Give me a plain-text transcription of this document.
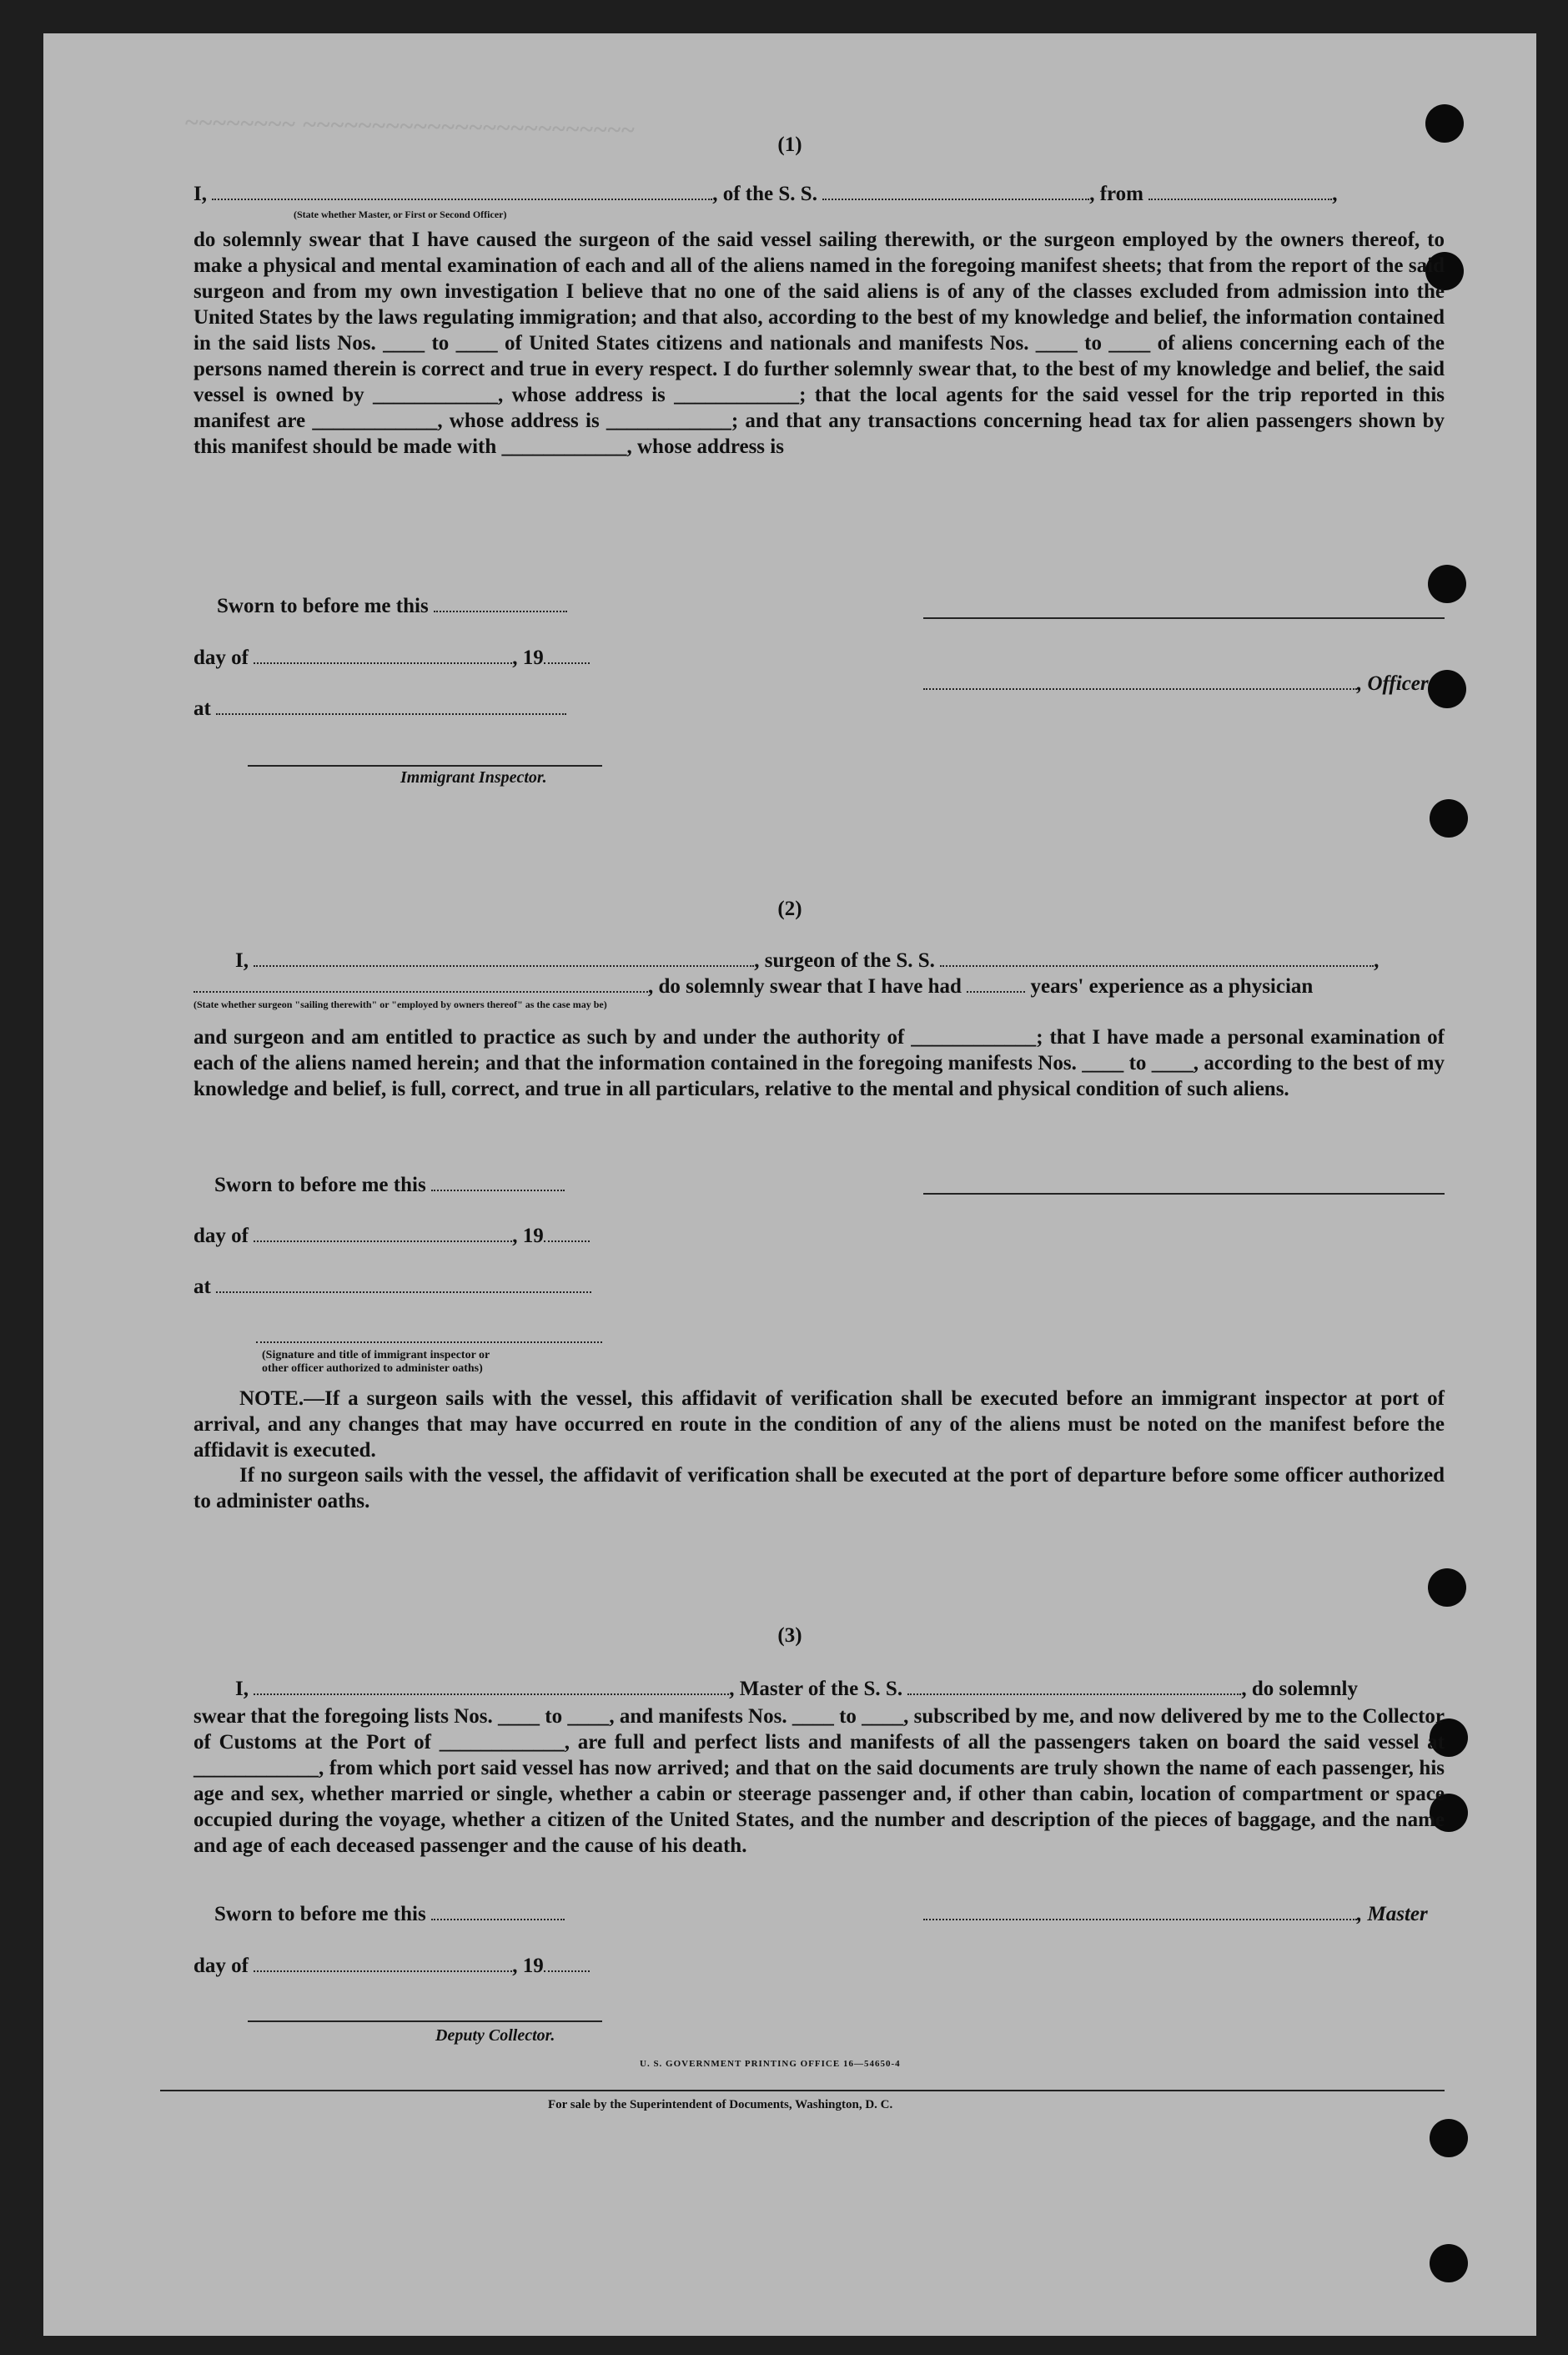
~~~~~~~~ ~~~~~~~~~~~~~~~~~~~~~~~~
(1)
I,	, of the S. S.	, from	,
(State whether Master, or First or Second Officer)
do solemnly swear that I have caused the surgeon of the said vessel sailing therewith, or the surgeon employed by the owners thereof, to make a physical and mental examination of each and all of the aliens named in the foregoing manifest sheets; that from the report of the said surgeon and from my own investigation I believe that no one of the said aliens is of any of the classes excluded from admission into the United States by the laws regulating immigration; and that also, according to the best of my knowledge and belief, the information contained in the said lists Nos. ____ to ____ of United States citizens and nationals and manifests Nos. ____ to ____ of aliens concerning each of the persons named therein is correct and true in every respect. I do further solemnly swear that, to the best of my knowledge and belief, the said vessel is owned by ____________, whose address is ____________; that the local agents for the said vessel for the trip reported in this manifest are ____________, whose address is ____________; and that any transactions concerning head tax for alien passengers shown by this manifest should be made with ____________, whose address is
Sworn to before me this
day of	, 19
, Officer
at
Immigrant Inspector.
(2)
I,	, surgeon of the S. S.	,
, do solemnly swear that I have had	years' experience as a physician
(State whether surgeon "sailing therewith" or "employed by owners thereof" as the case may be)
and surgeon and am entitled to practice as such by and under the authority of ____________; that I have made a personal examination of each of the aliens named herein; and that the information contained in the foregoing manifests Nos. ____ to ____, according to the best of my knowledge and belief, is full, correct, and true in all particulars, relative to the mental and physical condition of such aliens.
Sworn to before me this
day of	, 19
at
(Signature and title of immigrant inspector or
other officer authorized to administer oaths)
NOTE.—If a surgeon sails with the vessel, this affidavit of verification shall be executed before an immigrant inspector at port of arrival, and any changes that may have occurred en route in the condition of any of the aliens must be noted on the manifest before the affidavit is executed.
If no surgeon sails with the vessel, the affidavit of verification shall be executed at the port of departure before some officer authorized to administer oaths.
(3)
I,	, Master of the S. S.	, do solemnly
swear that the foregoing lists Nos. ____ to ____, and manifests Nos. ____ to ____, subscribed by me, and now delivered by me to the Collector of Customs at the Port of ____________, are full and perfect lists and manifests of all the passengers taken on board the said vessel at ____________, from which port said vessel has now arrived; and that on the said documents are truly shown the name of each passenger, his age and sex, whether married or single, whether a cabin or steerage passenger and, if other than cabin, location of compartment or space occupied during the voyage, whether a citizen of the United States, and the number and description of the pieces of baggage, and the name and age of each deceased passenger and the cause of his death.
Sworn to before me this	, Master
day of	, 19
Deputy Collector.
U. S. GOVERNMENT PRINTING OFFICE 16—54650-4
For sale by the Superintendent of Documents, Washington, D. C.
